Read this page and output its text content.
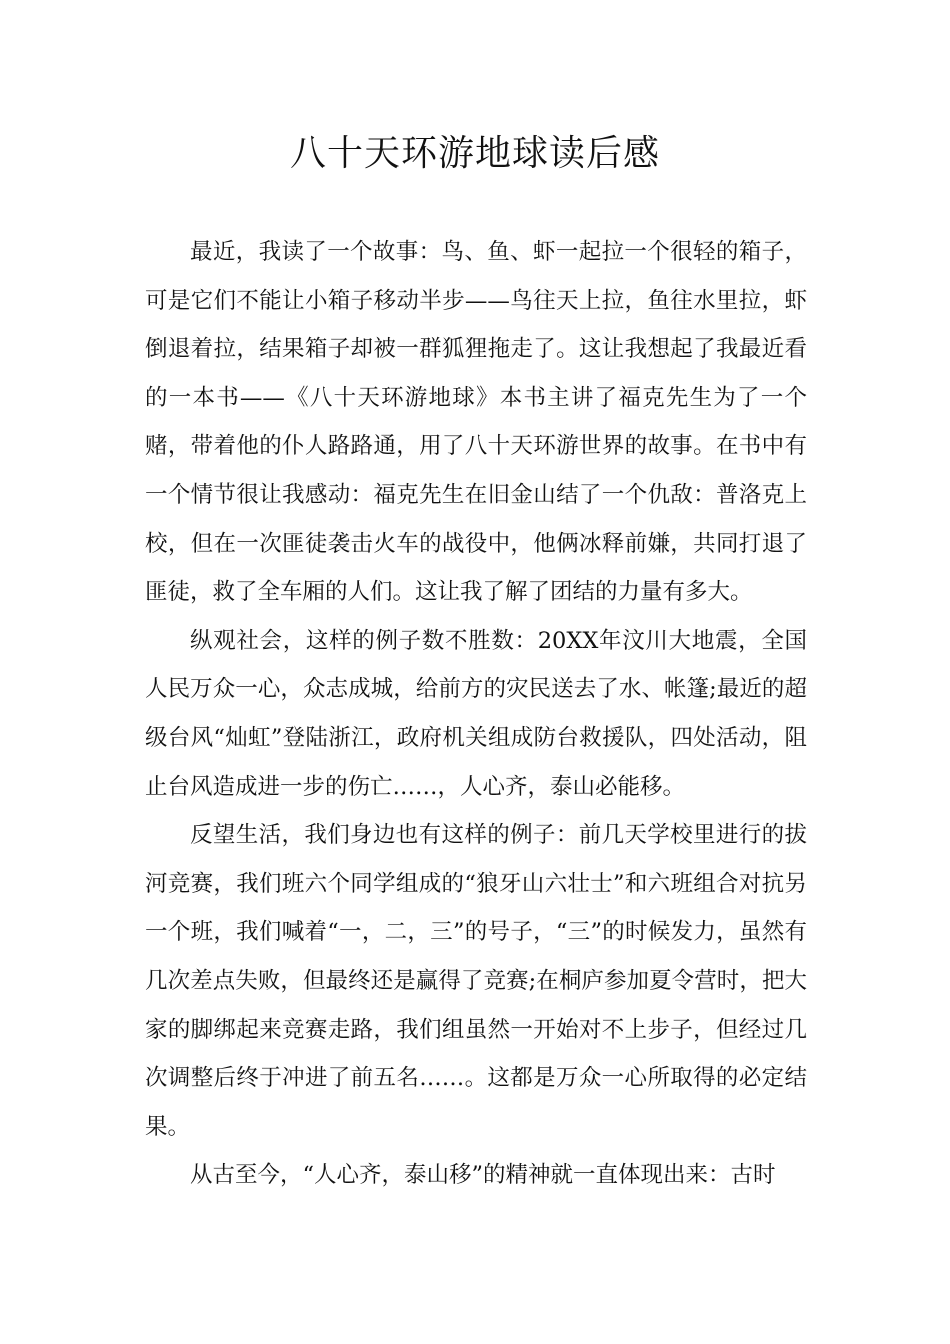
八十天环游地球读后感

最近，我读了一个故事：鸟、鱼、虾一起拉一个很轻的箱子，可是它们不能让小箱子移动半步——鸟往天上拉，鱼往水里拉，虾倒退着拉，结果箱子却被一群狐狸拖走了。这让我想起了我最近看的一本书——《八十天环游地球》本书主讲了福克先生为了一个赌，带着他的仆人路路通，用了八十天环游世界的故事。在书中有一个情节很让我感动：福克先生在旧金山结了一个仇敌：普洛克上校，但在一次匪徒袭击火车的战役中，他俩冰释前嫌，共同打退了匪徒，救了全车厢的人们。这让我了解了团结的力量有多大。

纵观社会，这样的例子数不胜数：20XX年汶川大地震，全国人民万众一心，众志成城，给前方的灾民送去了水、帐篷;最近的超级台风“灿虹”登陆浙江，政府机关组成防台救援队，四处活动，阻止台风造成进一步的伤亡……，人心齐，泰山必能移。

反望生活，我们身边也有这样的例子：前几天学校里进行的拔河竞赛，我们班六个同学组成的“狼牙山六壮士”和六班组合对抗另一个班，我们喊着“一，二，三”的号子，“三”的时候发力，虽然有几次差点失败，但最终还是赢得了竞赛;在桐庐参加夏令营时，把大家的脚绑起来竞赛走路，我们组虽然一开始对不上步子，但经过几次调整后终于冲进了前五名……。这都是万众一心所取得的必定结果。

从古至今，“人心齐，泰山移”的精神就一直体现出来：古时
